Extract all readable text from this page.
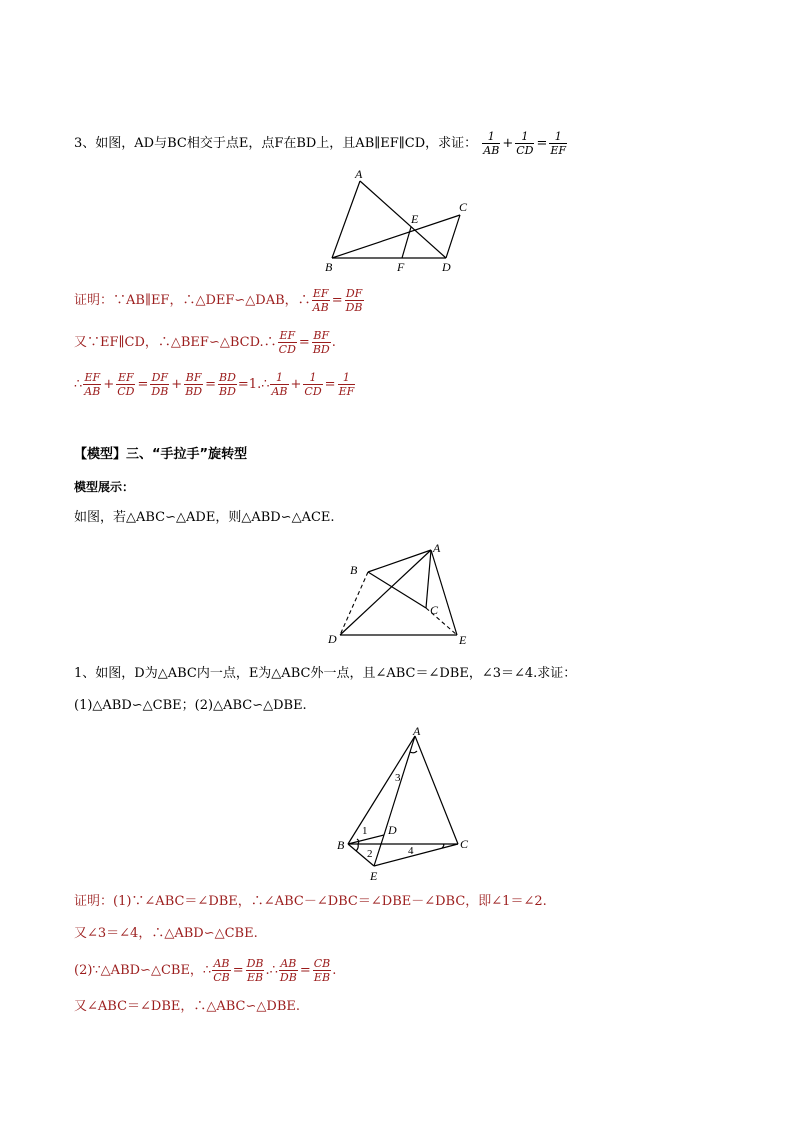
3、如图，AD与BC相交于点E，点F在BD上，且AB∥EF∥CD，求证： $\frac{1}{AB} + \frac{1}{CD} = \frac{1}{EF}$
A
B
C
D
E
F
证明：∵AB∥EF，∴△DEF∽△DAB，∴ $\frac{EF}{AB} = \frac{DF}{DB}$
又∵EF∥CD，∴△BEF∽△BCD.∴ $\frac{EF}{CD} = \frac{BF}{BD}$ .
∴ $\frac{EF}{AB} + \frac{EF}{CD} = \frac{DF}{DB} + \frac{BF}{BD} = \frac{BD}{BD}$ =1.∴ $\frac{1}{AB} + \frac{1}{CD} = \frac{1}{EF}$
【模型】三、“手拉手”旋转型
模型展示：
如图，若△ABC∽△ADE，则△ABD∽△ACE.
A
B
C
D	E
1、如图，D为△ABC内一点，E为△ABC外一点，且∠ABC＝∠DBE，∠3＝∠4.求证：
(1)△ABD∽△CBE；(2)△ABC∽△DBE.
A
B	C
D
E
1
2
3
4
证明：(1)∵∠ABC＝∠DBE，∴∠ABC－∠DBC＝∠DBE－∠DBC，即∠1＝∠2.
又∠3＝∠4，∴△ABD∽△CBE.
(2)∵△ABD∽△CBE，∴ $\frac{AB}{CB} = \frac{DB}{EB}$ .∴ $\frac{AB}{DB} = \frac{CB}{EB}$ .
又∠ABC＝∠DBE，∴△ABC∽△DBE.
